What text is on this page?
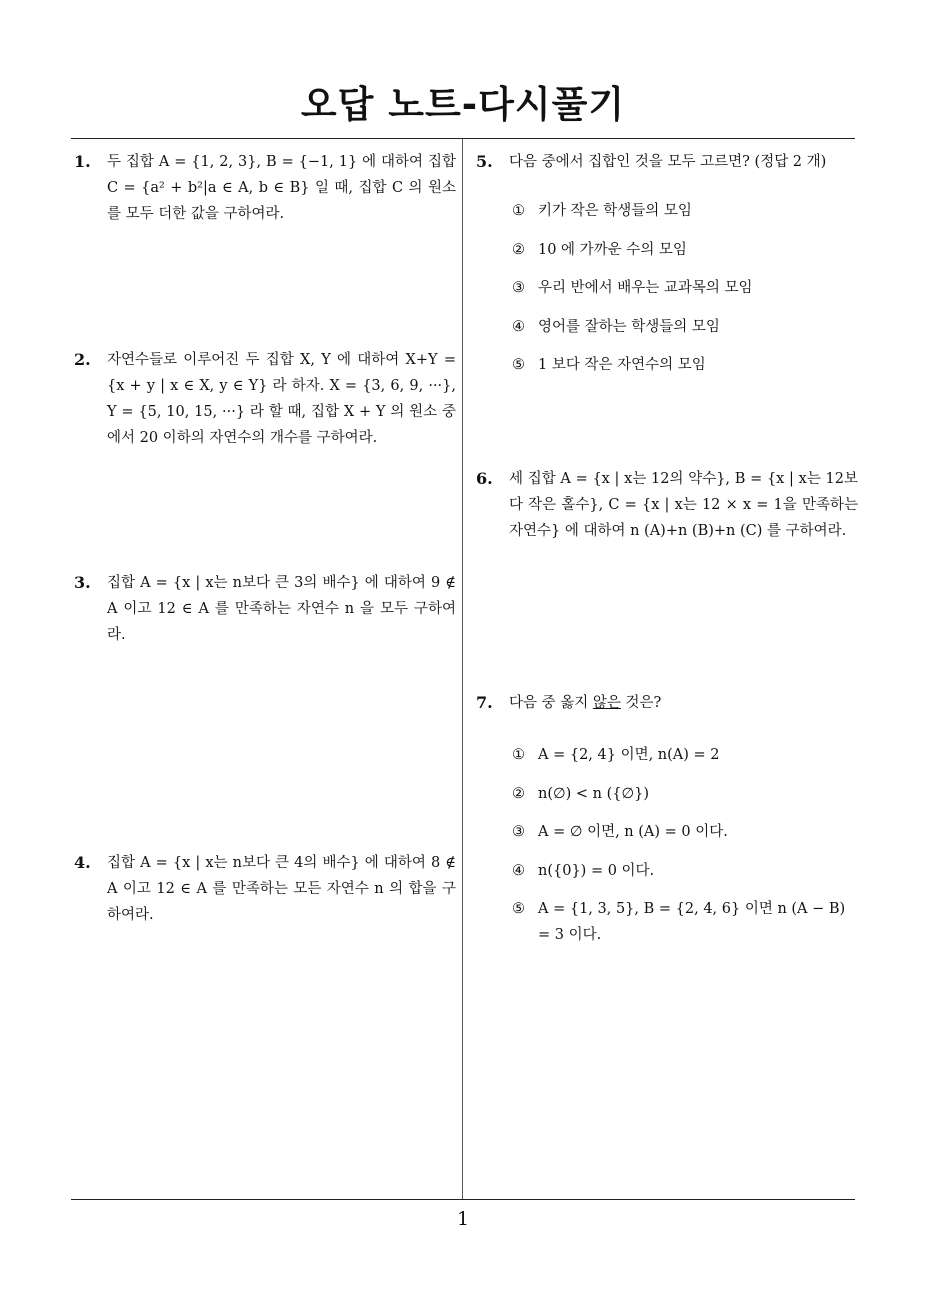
오답 노트-다시풀기
1. 두 집합 A = {1, 2, 3}, B = {−1, 1} 에 대하여 집합 C = {a² + b²|a ∈ A, b ∈ B} 일 때, 집합 C 의 원소를 모두 더한 값을 구하여라.
2. 자연수들로 이루어진 두 집합 X, Y 에 대하여 X+Y = {x + y | x ∈ X, y ∈ Y} 라 하자. X = {3, 6, 9, ···}, Y = {5, 10, 15, ···} 라 할 때, 집합 X + Y 의 원소 중에서 20 이하의 자연수의 개수를 구하여라.
3. 집합 A = {x | x는 n보다 큰 3의 배수} 에 대하여 9 ∉ A 이고 12 ∈ A 를 만족하는 자연수 n 을 모두 구하여라.
4. 집합 A = {x | x는 n보다 큰 4의 배수} 에 대하여 8 ∉ A 이고 12 ∈ A 를 만족하는 모든 자연수 n 의 합을 구하여라.
5. 다음 중에서 집합인 것을 모두 고르면? (정답 2 개)
① 키가 작은 학생들의 모임
② 10 에 가까운 수의 모임
③ 우리 반에서 배우는 교과목의 모임
④ 영어를 잘하는 학생들의 모임
⑤ 1 보다 작은 자연수의 모임
6. 세 집합 A = {x | x는 12의 약수}, B = {x | x는 12보다 작은 홀수}, C = {x | x는 12 × x = 1을 만족하는 자연수} 에 대하여 n (A)+n (B)+n (C) 를 구하여라.
7. 다음 중 옳지 않은 것은?
① A = {2, 4} 이면, n(A) = 2
② n(∅) < n ({∅})
③ A = ∅ 이면, n (A) = 0 이다.
④ n({0}) = 0 이다.
⑤ A = {1, 3, 5}, B = {2, 4, 6} 이면 n (A − B) = 3 이다.
1
